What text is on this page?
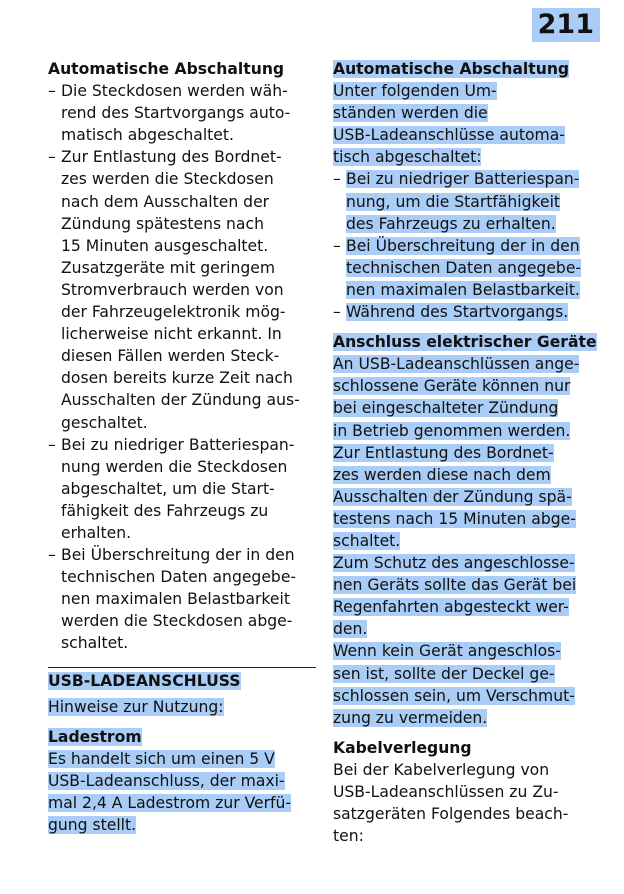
211
Automatische Abschaltung
– Die Steckdosen werden wäh-
rend des Startvorgangs auto-
matisch abgeschaltet.
– Zur Entlastung des Bordnet-
zes werden die Steckdosen
nach dem Ausschalten der
Zündung spätestens nach
15 Minuten ausgeschaltet.
Zusatzgeräte mit geringem
Stromverbrauch werden von
der Fahrzeugelektronik mög-
licherweise nicht erkannt. In
diesen Fällen werden Steck-
dosen bereits kurze Zeit nach
Ausschalten der Zündung aus-
geschaltet.
– Bei zu niedriger Batteriespan-
nung werden die Steckdosen
abgeschaltet, um die Start-
fähigkeit des Fahrzeugs zu
erhalten.
– Bei Überschreitung der in den
technischen Daten angegebe-
nen maximalen Belastbarkeit
werden die Steckdosen abge-
schaltet.
USB-LADEANSCHLUSS
Hinweise zur Nutzung:
Ladestrom
Es handelt sich um einen 5 V
USB-Ladeanschluss, der maxi-
mal 2,4 A Ladestrom zur Verfü-
gung stellt.
Automatische Abschaltung
Unter folgenden Um-
ständen werden die
USB-Ladeanschlüsse automa-
tisch abgeschaltet:
– Bei zu niedriger Batteriespan-
nung, um die Startfähigkeit
des Fahrzeugs zu erhalten.
– Bei Überschreitung der in den
technischen Daten angegebe-
nen maximalen Belastbarkeit.
– Während des Startvorgangs.
Anschluss elektrischer Geräte
An USB-Ladeanschlüssen ange-
schlossene Geräte können nur
bei eingeschalteter Zündung
in Betrieb genommen werden.
Zur Entlastung des Bordnet-
zes werden diese nach dem
Ausschalten der Zündung spä-
testens nach 15 Minuten abge-
schaltet.
Zum Schutz des angeschlosse-
nen Geräts sollte das Gerät bei
Regenfahrten abgesteckt wer-
den.
Wenn kein Gerät angeschlos-
sen ist, sollte der Deckel ge-
schlossen sein, um Verschmut-
zung zu vermeiden.
Kabelverlegung
Bei der Kabelverlegung von
USB-Ladeanschlüssen zu Zu-
satzgeräten Folgendes beach-
ten:
